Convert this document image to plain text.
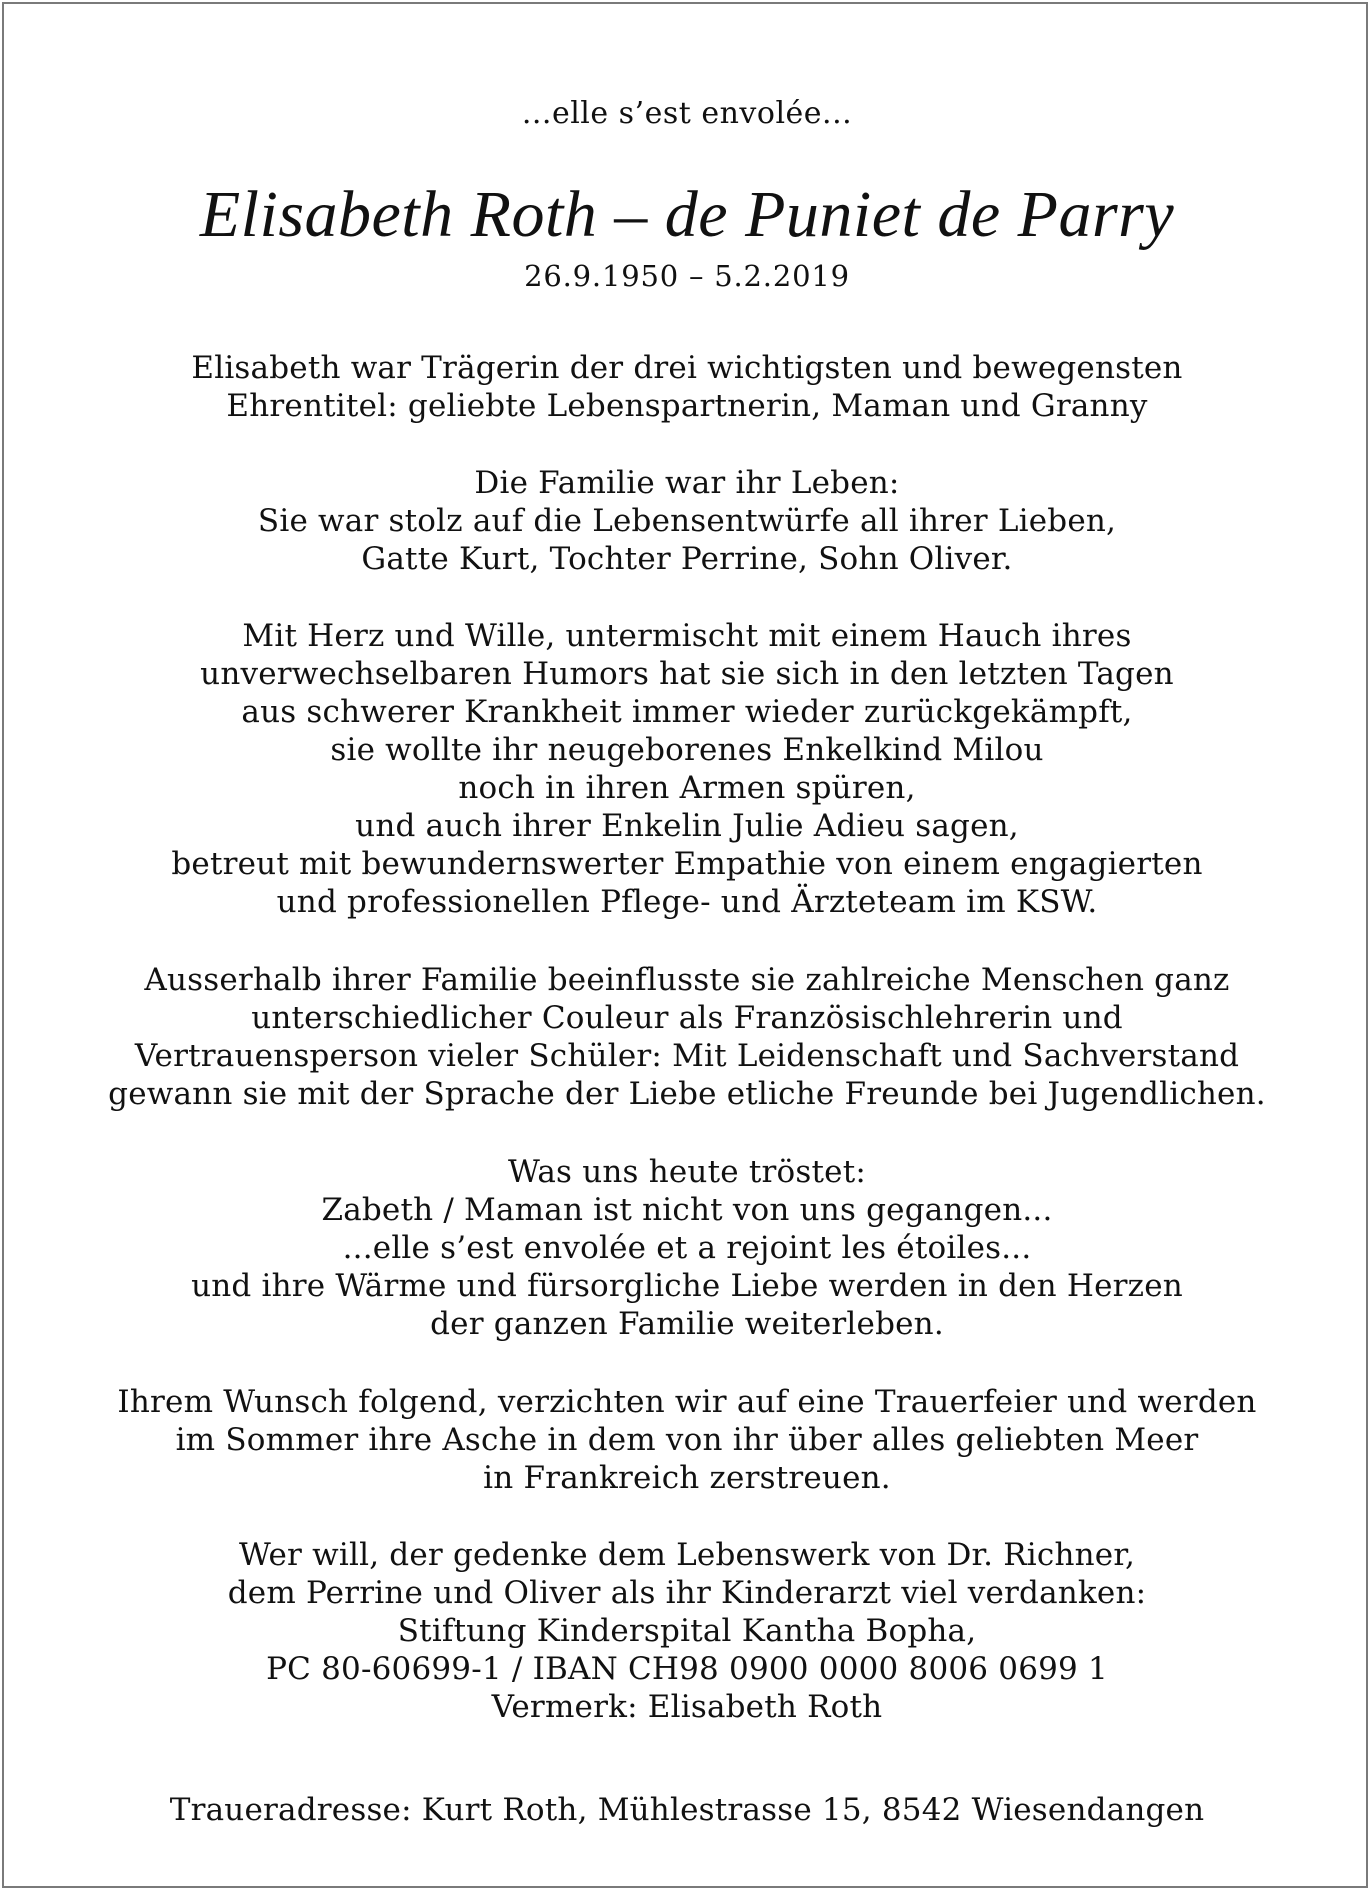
...elle s’est envolée...
Elisabeth Roth – de Puniet de Parry
26.9.1950 – 5.2.2019
Elisabeth war Trägerin der drei wichtigsten und bewegensten
Ehrentitel: geliebte Lebenspartnerin, Maman und Granny
Die Familie war ihr Leben:
Sie war stolz auf die Lebensentwürfe all ihrer Lieben,
Gatte Kurt, Tochter Perrine, Sohn Oliver.
Mit Herz und Wille, untermischt mit einem Hauch ihres
unverwechselbaren Humors hat sie sich in den letzten Tagen
aus schwerer Krankheit immer wieder zurückgekämpft,
sie wollte ihr neugeborenes Enkelkind Milou
noch in ihren Armen spüren,
und auch ihrer Enkelin Julie Adieu sagen,
betreut mit bewundernswerter Empathie von einem engagierten
und professionellen Pflege- und Ärzteteam im KSW.
Ausserhalb ihrer Familie beeinflusste sie zahlreiche Menschen ganz
unterschiedlicher Couleur als Französischlehrerin und
Vertrauensperson vieler Schüler: Mit Leidenschaft und Sachverstand
gewann sie mit der Sprache der Liebe etliche Freunde bei Jugendlichen.
Was uns heute tröstet:
Zabeth / Maman ist nicht von uns gegangen...
...elle s’est envolée et a rejoint les étoiles...
und ihre Wärme und fürsorgliche Liebe werden in den Herzen
der ganzen Familie weiterleben.
Ihrem Wunsch folgend, verzichten wir auf eine Trauerfeier und werden
im Sommer ihre Asche in dem von ihr über alles geliebten Meer
in Frankreich zerstreuen.
Wer will, der gedenke dem Lebenswerk von Dr. Richner,
dem Perrine und Oliver als ihr Kinderarzt viel verdanken:
Stiftung Kinderspital Kantha Bopha,
PC 80-60699-1 / IBAN CH98 0900 0000 8006 0699 1
Vermerk: Elisabeth Roth
Traueradresse: Kurt Roth, Mühlestrasse 15, 8542 Wiesendangen
